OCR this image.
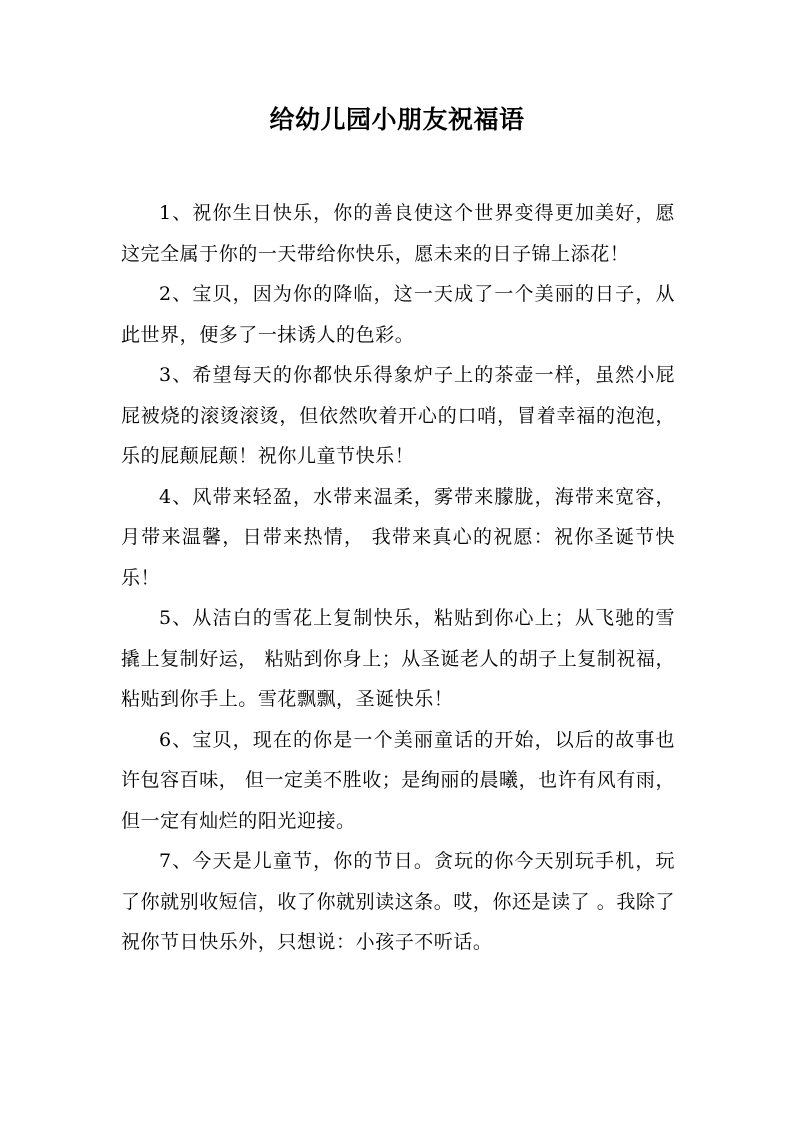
给幼儿园小朋友祝福语

1、祝你生日快乐，你的善良使这个世界变得更加美好，愿这完全属于你的一天带给你快乐，愿未来的日子锦上添花！

2、宝贝，因为你的降临，这一天成了一个美丽的日子，从此世界，便多了一抹诱人的色彩。

3、希望每天的你都快乐得象炉子上的茶壶一样，虽然小屁屁被烧的滚烫滚烫，但依然吹着开心的口哨，冒着幸福的泡泡，乐的屁颠屁颠！祝你儿童节快乐！

4、风带来轻盈，水带来温柔，雾带来朦胧，海带来宽容，月带来温馨，日带来热情， 我带来真心的祝愿：祝你圣诞节快乐！

5、从洁白的雪花上复制快乐，粘贴到你心上；从飞驰的雪撬上复制好运， 粘贴到你身上；从圣诞老人的胡子上复制祝福，粘贴到你手上。雪花飘飘，圣诞快乐！

6、宝贝，现在的你是一个美丽童话的开始，以后的故事也许包容百味， 但一定美不胜收；是绚丽的晨曦，也许有风有雨，但一定有灿烂的阳光迎接。

7、今天是儿童节，你的节日。贪玩的你今天别玩手机，玩了你就别收短信，收了你就别读这条。哎，你还是读了 。我除了祝你节日快乐外，只想说：小孩子不听话。
